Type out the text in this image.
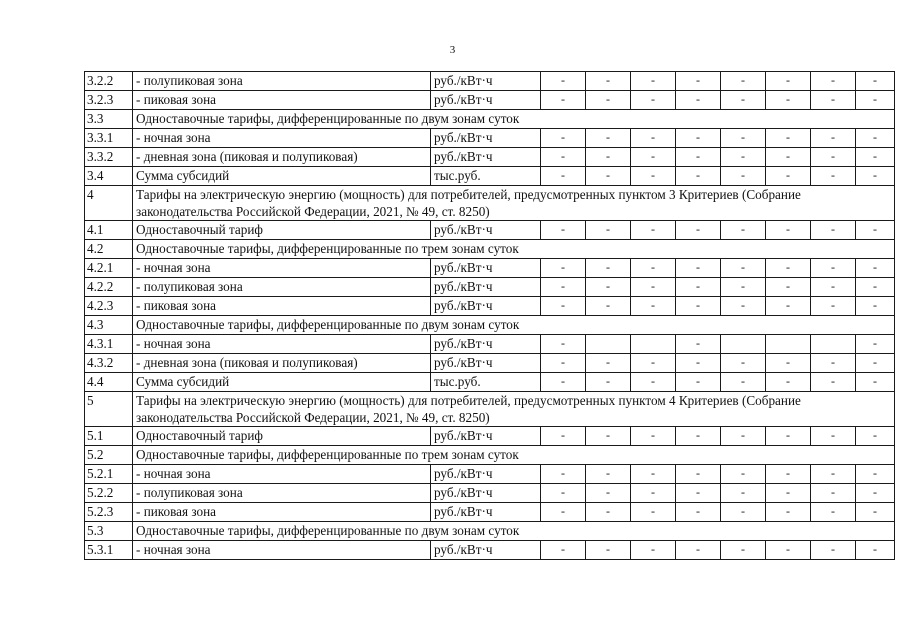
3
3.2.2	- полупиковая зона	руб./кВт·ч	-	-	-	-	-	-	-	-
3.2.3	- пиковая зона	руб./кВт·ч	-	-	-	-	-	-	-	-
3.3	Одноставочные тарифы, дифференцированные по двум зонам суток									
3.3.1	- ночная зона	руб./кВт·ч	-	-	-	-	-	-	-	-
3.3.2	- дневная зона (пиковая и полупиковая)	руб./кВт·ч	-	-	-	-	-	-	-	-
3.4	Сумма субсидий	тыс.руб.	-	-	-	-	-	-	-	-
4	Тарифы на электрическую энергию (мощность) для потребителей, предусмотренных пунктом 3 Критериев (Собрание законодательства Российской Федерации, 2021, № 49, ст. 8250)									
4.1	Одноставочный тариф	руб./кВт·ч	-	-	-	-	-	-	-	-
4.2	Одноставочные тарифы, дифференцированные по трем зонам суток									
4.2.1	- ночная зона	руб./кВт·ч	-	-	-	-	-	-	-	-
4.2.2	- полупиковая зона	руб./кВт·ч	-	-	-	-	-	-	-	-
4.2.3	- пиковая зона	руб./кВт·ч	-	-	-	-	-	-	-	-
4.3	Одноставочные тарифы, дифференцированные по двум зонам суток									
4.3.1	- ночная зона	руб./кВт·ч	-			-				-
4.3.2	- дневная зона (пиковая и полупиковая)	руб./кВт·ч	-	-	-	-	-	-	-	-
4.4	Сумма субсидий	тыс.руб.	-	-	-	-	-	-	-	-
5	Тарифы на электрическую энергию (мощность) для потребителей, предусмотренных пунктом 4 Критериев (Собрание законодательства Российской Федерации, 2021, № 49, ст. 8250)									
5.1	Одноставочный тариф	руб./кВт·ч	-	-	-	-	-	-	-	-
5.2	Одноставочные тарифы, дифференцированные по трем зонам суток									
5.2.1	- ночная зона	руб./кВт·ч	-	-	-	-	-	-	-	-
5.2.2	- полупиковая зона	руб./кВт·ч	-	-	-	-	-	-	-	-
5.2.3	- пиковая зона	руб./кВт·ч	-	-	-	-	-	-	-	-
5.3	Одноставочные тарифы, дифференцированные по двум зонам суток									
5.3.1	- ночная зона	руб./кВт·ч	-	-	-	-	-	-	-	-
